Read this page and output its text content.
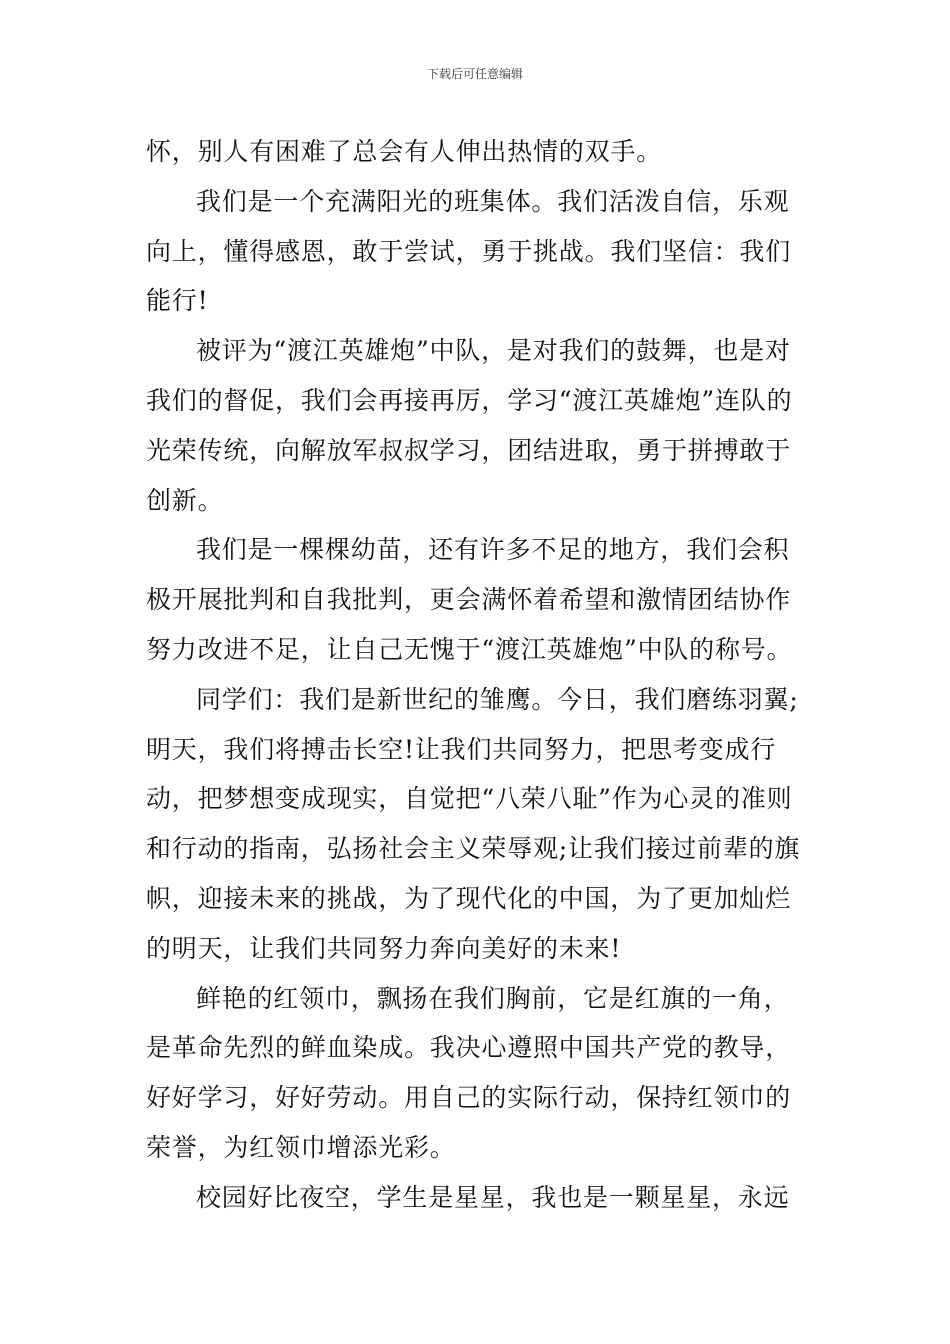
下载后可任意编辑

怀，别人有困难了总会有人伸出热情的双手。

我们是一个充满阳光的班集体。我们活泼自信，乐观向上，懂得感恩，敢于尝试，勇于挑战。我们坚信：我们能行!

被评为“渡江英雄炮”中队，是对我们的鼓舞，也是对我们的督促，我们会再接再厉，学习“渡江英雄炮”连队的光荣传统，向解放军叔叔学习，团结进取，勇于拼搏敢于创新。

我们是一棵棵幼苗，还有许多不足的地方，我们会积极开展批判和自我批判，更会满怀着希望和激情团结协作努力改进不足，让自己无愧于“渡江英雄炮”中队的称号。

同学们：我们是新世纪的雏鹰。今日，我们磨练羽翼;明天，我们将搏击长空!让我们共同努力，把思考变成行动，把梦想变成现实，自觉把“八荣八耻”作为心灵的准则和行动的指南，弘扬社会主义荣辱观;让我们接过前辈的旗帜，迎接未来的挑战，为了现代化的中国，为了更加灿烂的明天，让我们共同努力奔向美好的未来!

鲜艳的红领巾，飘扬在我们胸前，它是红旗的一角，是革命先烈的鲜血染成。我决心遵照中国共产党的教导，好好学习，好好劳动。用自己的实际行动，保持红领巾的荣誉，为红领巾增添光彩。

校园好比夜空，学生是星星，我也是一颗星星，永远
